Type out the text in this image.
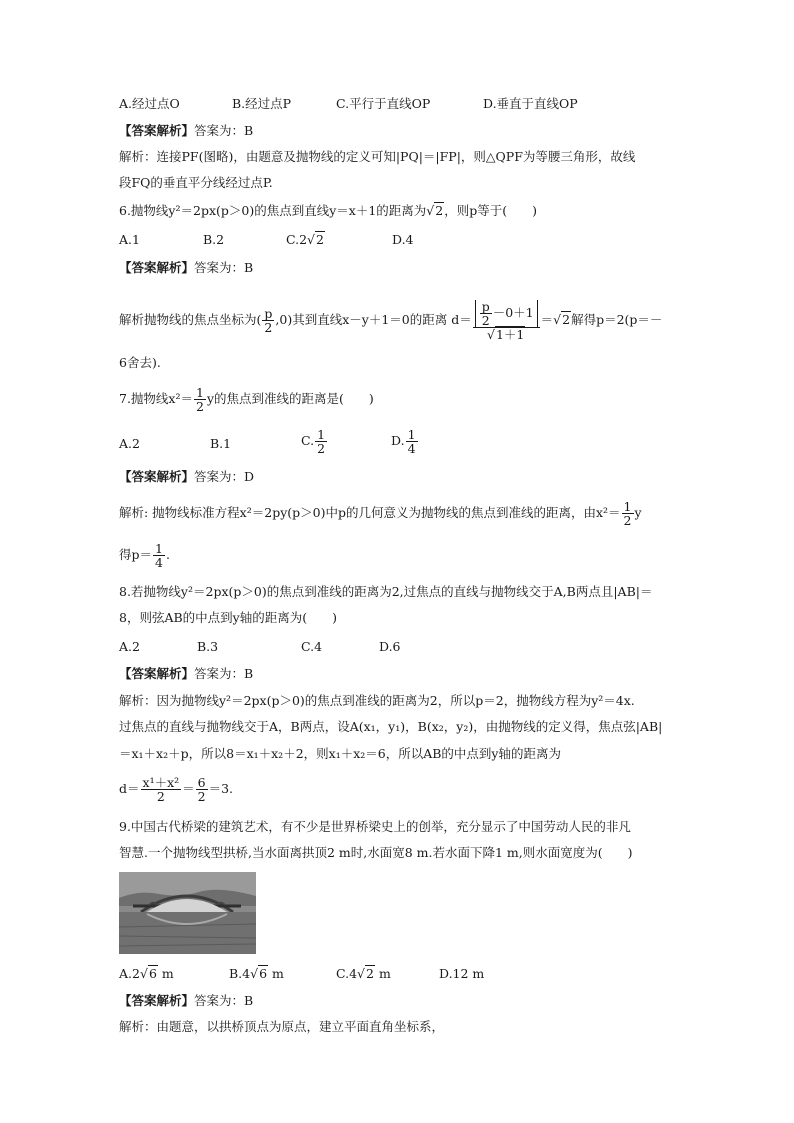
A.经过点O	B.经过点P	C.平行于直线OP	D.垂直于直线OP
【答案解析】答案为：B
解析：连接PF(图略)，由题意及抛物线的定义可知|PQ|＝|FP|，则△QPF为等腰三角形，故线
段FQ的垂直平分线经过点P.
6.抛物线y²＝2px(p＞0)的焦点到直线y＝x＋1的距离为√2，则p等于(　　)
A.1	B.2	C.2√2	D.4
【答案解析】答案为：B
解析抛物线的焦点坐标为( $\frac{p}{2} ,0$)其到直线x－y＋1＝0的距离 $d= \frac{\frac{p}{2} -0+1}{√1+1} =√2$解得p＝2(p＝－
6舍去).
7.抛物线$x^2= \frac{1}{2}$ y的焦点到准线的距离是(　　)
A.2	B.1	C. $\frac{1}{2}$	D. $\frac{1}{4}$
【答案解析】答案为：D
解析: 抛物线标准方程x²＝2py(p＞0)中p的几何意义为抛物线的焦点到准线的距离，由$x^2= \frac{1}{2}$ y
得$p= \frac{1}{4}$ .
8.若抛物线y²＝2px(p＞0)的焦点到准线的距离为2,过焦点的直线与抛物线交于A,B两点且|AB|＝
8，则弦AB的中点到y轴的距离为(　　)
A.2	B.3	C.4	D.6
【答案解析】答案为：B
解析：因为抛物线y²＝2px(p＞0)的焦点到准线的距离为2，所以p＝2，抛物线方程为y²＝4x.
过焦点的直线与抛物线交于A，B两点，设A(x₁，y₁)，B(x₂，y₂)，由抛物线的定义得，焦点弦|AB|
＝x₁＋x₂＋p，所以8＝x₁＋x₂＋2，则x₁＋x₂＝6，所以AB的中点到y轴的距离为
$d= \frac{\text{x¹＋x²}}{2} = \frac{6}{2} =3$.
9.中国古代桥梁的建筑艺术，有不少是世界桥梁史上的创举，充分显示了中国劳动人民的非凡
智慧.一个抛物线型拱桥,当水面离拱顶2 m时,水面宽8 m.若水面下降1 m,则水面宽度为(　　)
A.2√6 m	B.4√6 m	C.4√2 m	D.12 m
【答案解析】答案为：B
解析：由题意，以拱桥顶点为原点，建立平面直角坐标系，
